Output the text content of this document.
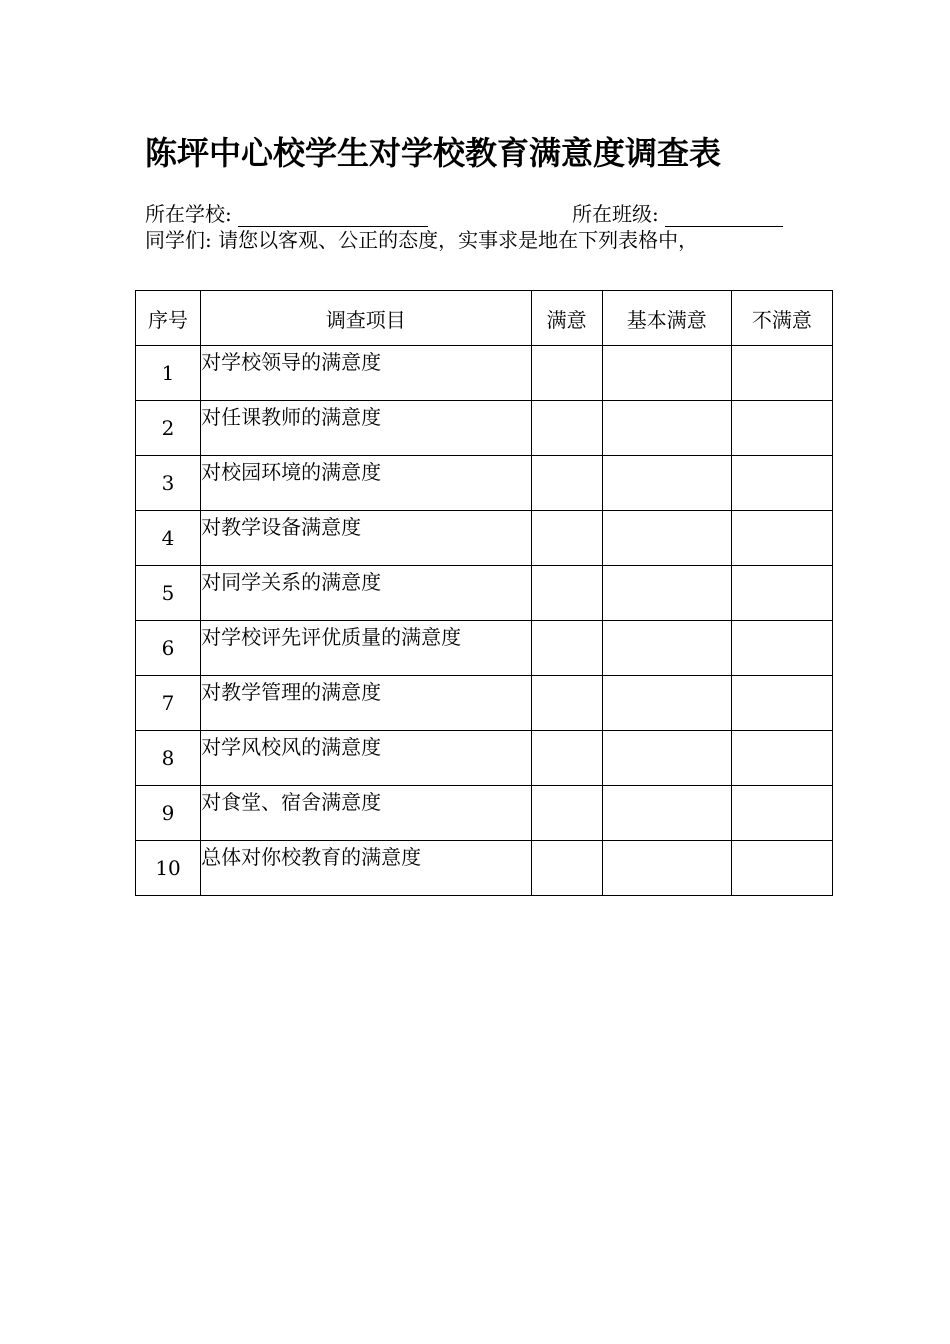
陈坪中心校学生对学校教育满意度调查表
所在学校:	所在班级:
同学们: 请您以客观、公正的态度，实事求是地在下列表格中，
序号	调查项目	满意	基本满意	不满意
1	对学校领导的满意度			
2	对任课教师的满意度			
3	对校园环境的满意度			
4	对教学设备满意度			
5	对同学关系的满意度			
6	对学校评先评优质量的满意度			
7	对教学管理的满意度			
8	对学风校风的满意度			
9	对食堂、宿舍满意度			
10	总体对你校教育的满意度			
